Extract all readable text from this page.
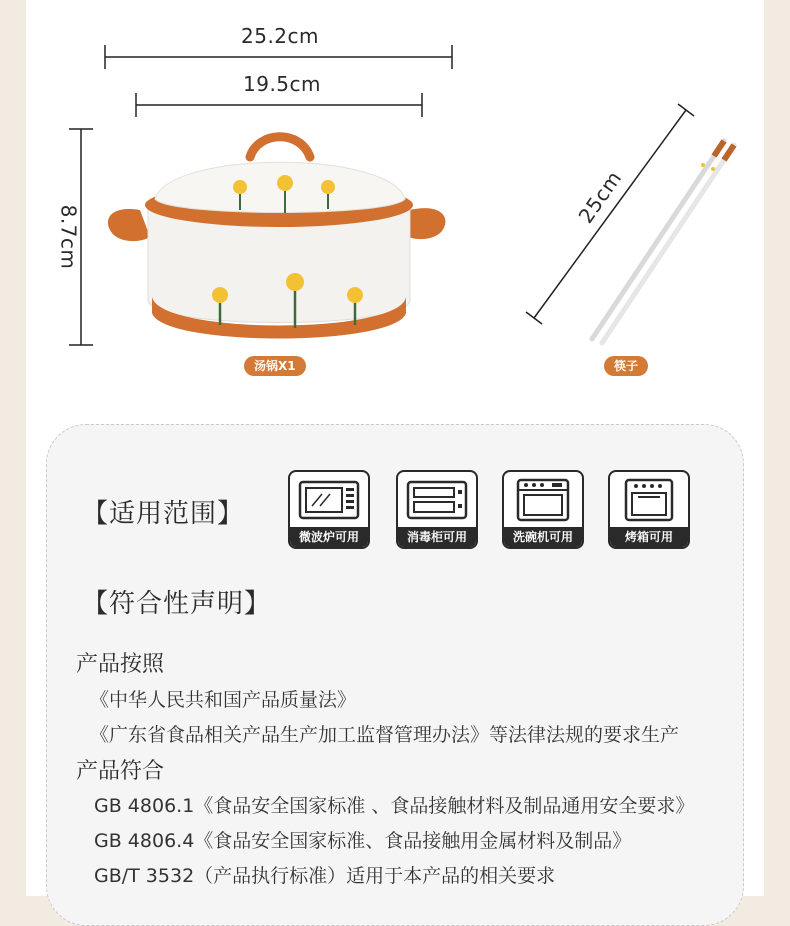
25.2cm
19.5cm
8.7cm
25cm
汤锅X1	筷子
【适用范围】
微波炉可用	消毒柜可用	洗碗机可用	烤箱可用
【符合性声明】
产品按照
《中华人民共和国产品质量法》
《广东省食品相关产品生产加工监督管理办法》等法律法规的要求生产
产品符合
GB 4806.1《食品安全国家标准 、食品接触材料及制品通用安全要求》
GB 4806.4《食品安全国家标准、食品接触用金属材料及制品》
GB/T 3532（产品执行标准）适用于本产品的相关要求
